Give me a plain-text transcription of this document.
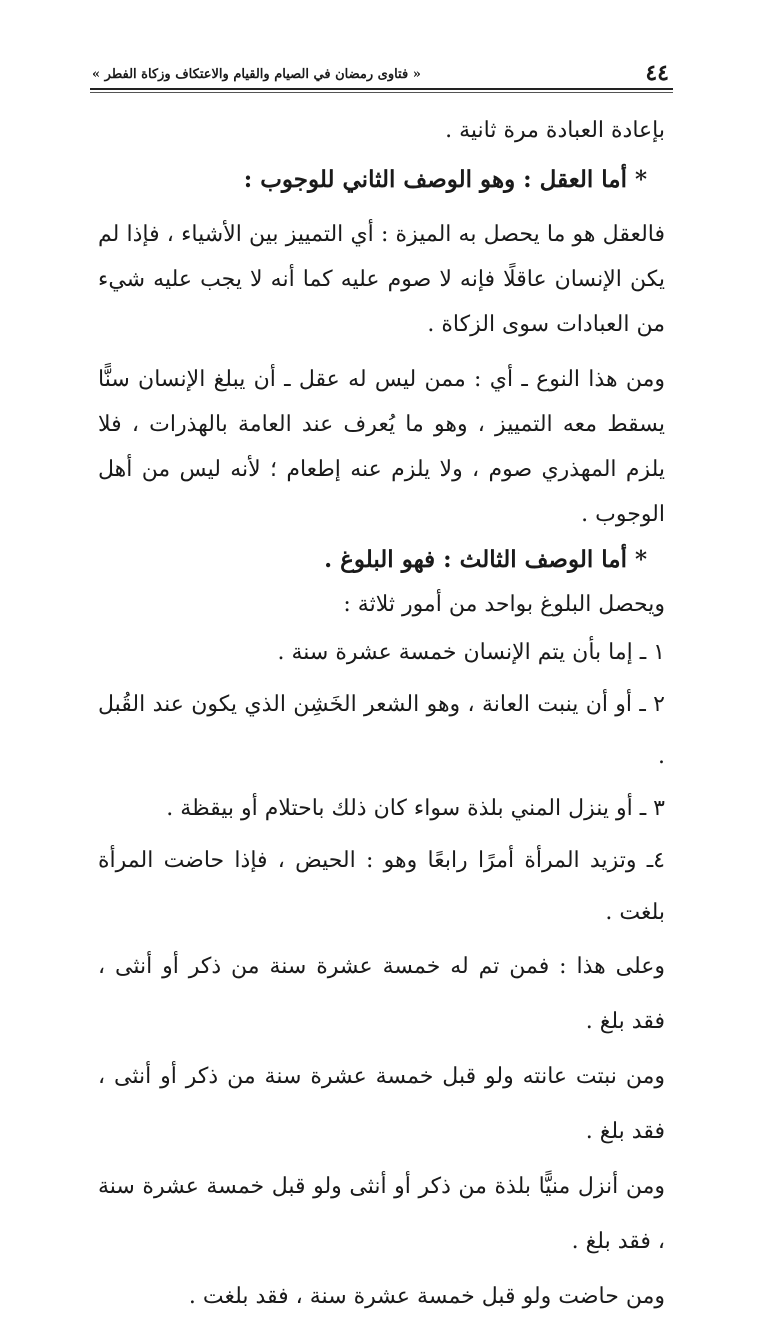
٤٤
« فتاوى رمضان في الصيام والقيام والاعتكاف وزكاة الفطر »

بإعادة العبادة مرة ثانية .

* أما العقل : وهو الوصف الثاني للوجوب :

فالعقل هو ما يحصل به الميزة : أي التمييز بين الأشياء ، فإذا لم يكن الإنسان عاقلًا فإنه لا صوم عليه كما أنه لا يجب عليه شيء من العبادات سوى الزكاة .

ومن هذا النوع ـ أي : ممن ليس له عقل ـ أن يبلغ الإنسان سنًّا يسقط معه التمييز ، وهو ما يُعرف عند العامة بالهذرات ، فلا يلزم المهذري صوم ، ولا يلزم عنه إطعام ؛ لأنه ليس من أهل الوجوب .

* أما الوصف الثالث : فهو البلوغ .

ويحصل البلوغ بواحد من أمور ثلاثة :

١ ـ إما بأن يتم الإنسان خمسة عشرة سنة .

٢ ـ أو أن ينبت العانة ، وهو الشعر الخَشِن الذي يكون عند القُبل .

٣ ـ أو ينزل المني بلذة سواء كان ذلك باحتلام أو بيقظة .

٤ـ وتزيد المرأة أمرًا رابعًا وهو : الحيض ، فإذا حاضت المرأة بلغت .

وعلى هذا : فمن تم له خمسة عشرة سنة من ذكر أو أنثى ، فقد بلغ .

ومن نبتت عانته ولو قبل خمسة عشرة سنة من ذكر أو أنثى ، فقد بلغ .

ومن أنزل منيًّا بلذة من ذكر أو أنثى ولو قبل خمسة عشرة سنة ، فقد بلغ .

ومن حاضت ولو قبل خمسة عشرة سنة ، فقد بلغت .
